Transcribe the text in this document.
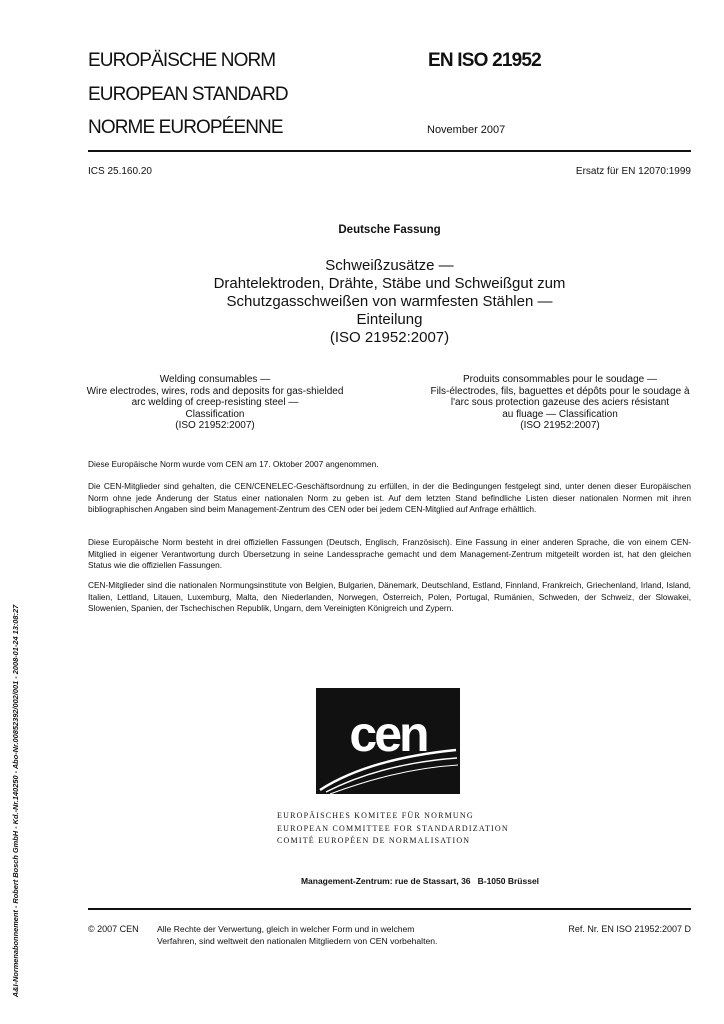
EUROPÄISCHE NORM
EUROPEAN STANDARD
NORME EUROPÉENNE
EN ISO 21952
November 2007
ICS 25.160.20	Ersatz für EN 12070:1999
Deutsche Fassung
Schweißzusätze —
Drahtelektroden, Drähte, Stäbe und Schweißgut zum
Schutzgasschweißen von warmfesten Stählen —
Einteilung
(ISO 21952:2007)
Welding consumables —
Wire electrodes, wires, rods and deposits for gas-shielded
arc welding of creep-resisting steel —
Classification
(ISO 21952:2007)
Produits consommables pour le soudage —
Fils-électrodes, fils, baguettes et dépôts pour le soudage à
l'arc sous protection gazeuse des aciers résistant
au fluage — Classification
(ISO 21952:2007)
Diese Europäische Norm wurde vom CEN am 17. Oktober 2007 angenommen.
Die CEN-Mitglieder sind gehalten, die CEN/CENELEC-Geschäftsordnung zu erfüllen, in der die Bedingungen festgelegt sind, unter denen dieser Europäischen Norm ohne jede Änderung der Status einer nationalen Norm zu geben ist. Auf dem letzten Stand befindliche Listen dieser nationalen Normen mit ihren bibliographischen Angaben sind beim Management-Zentrum des CEN oder bei jedem CEN-Mitglied auf Anfrage erhältlich.
Diese Europäische Norm besteht in drei offiziellen Fassungen (Deutsch, Englisch, Französisch). Eine Fassung in einer anderen Sprache, die von einem CEN-Mitglied in eigener Verantwortung durch Übersetzung in seine Landessprache gemacht und dem Management-Zentrum mitgeteilt worden ist, hat den gleichen Status wie die offiziellen Fassungen.
CEN-Mitglieder sind die nationalen Normungsinstitute von Belgien, Bulgarien, Dänemark, Deutschland, Estland, Finnland, Frankreich, Griechenland, Irland, Island, Italien, Lettland, Litauen, Luxemburg, Malta, den Niederlanden, Norwegen, Österreich, Polen, Portugal, Rumänien, Schweden, der Schweiz, der Slowakei, Slowenien, Spanien, der Tschechischen Republik, Ungarn, dem Vereinigten Königreich und Zypern.
cen
EUROPÄISCHES KOMITEE FÜR NORMUNG
EUROPEAN COMMITTEE FOR STANDARDIZATION
COMITÉ EUROPÉEN DE NORMALISATION
Management-Zentrum: rue de Stassart, 36   B-1050 Brüssel
© 2007 CEN Alle Rechte der Verwertung, gleich in welcher Form und in welchem
Verfahren, sind weltweit den nationalen Mitgliedern von CEN vorbehalten.
Ref. Nr. EN ISO 21952:2007 D
A&I-Normenabonnement - Robert Bosch GmbH - Kd.-Nr.140250 - Abo-Nr.00852392/002/001 - 2008-01-24 13:08:27
